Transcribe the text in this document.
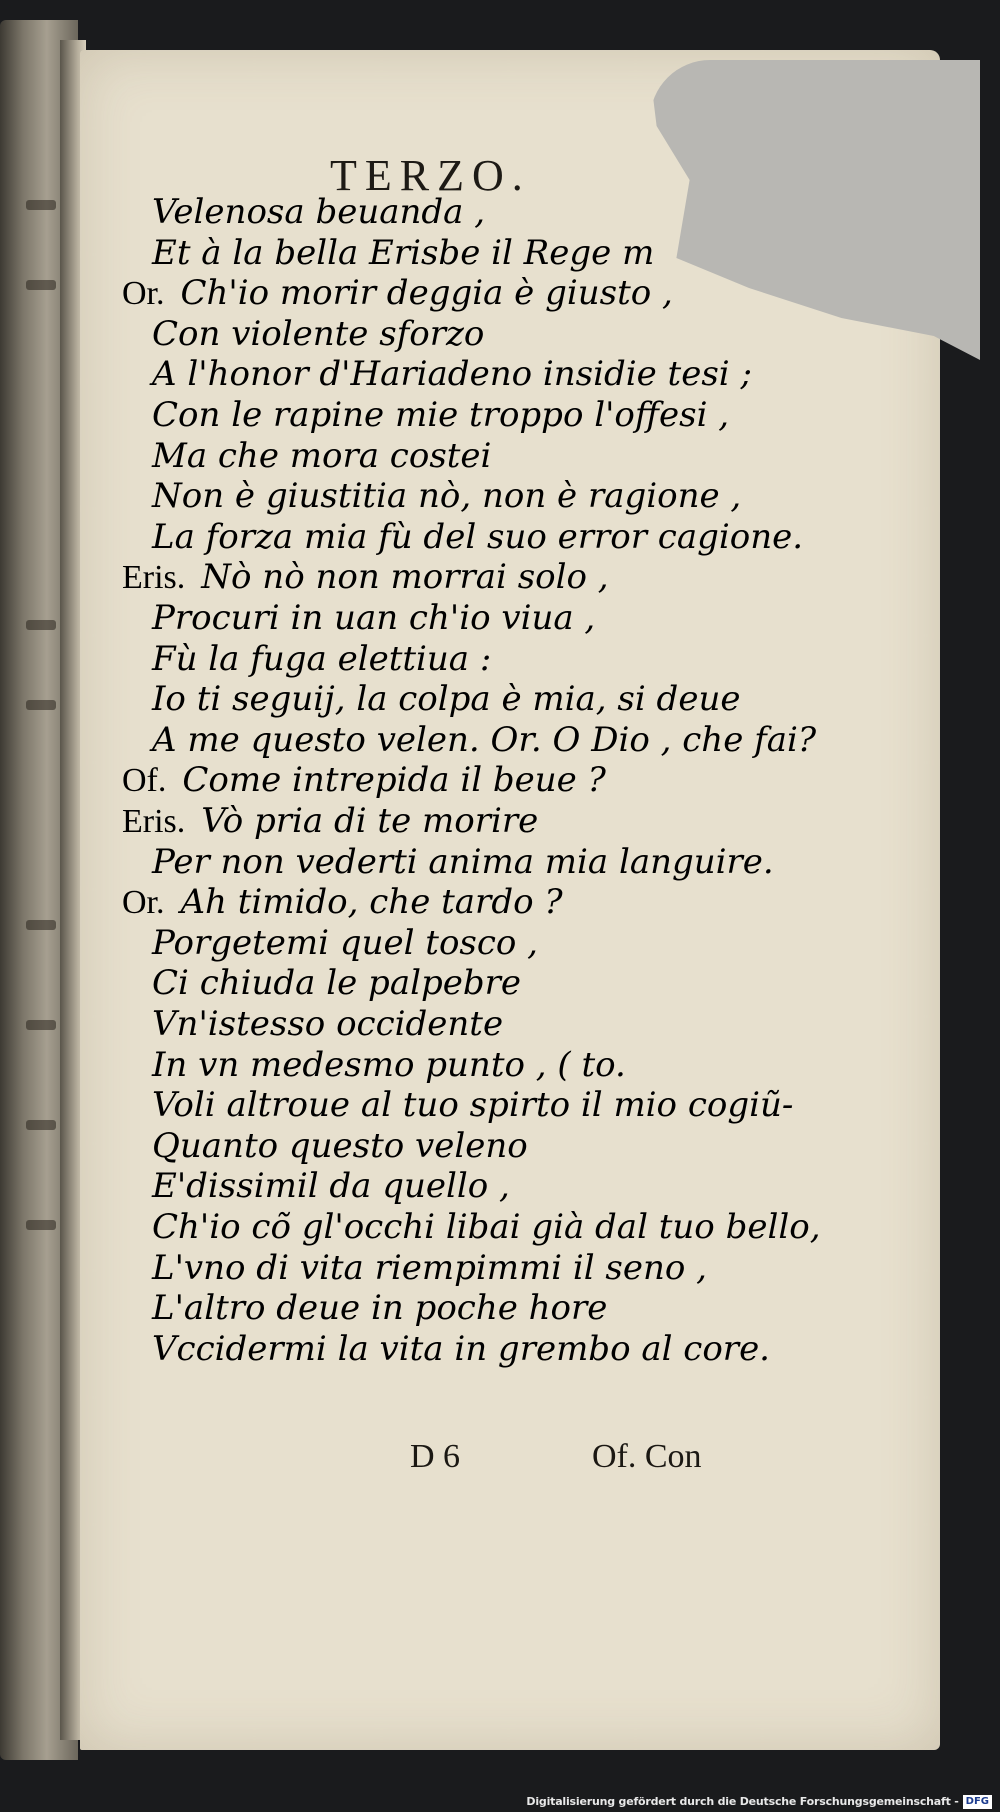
TERZO.
Velenosa beuanda ,
Et à la bella Erisbe il Rege m
Or. Ch'io morir deggia è giusto ,
Con violente sforzo
A l'honor d'Hariadeno insidie tesi ;
Con le rapine mie troppo l'offesi ,
Ma che mora costei
Non è giustitia nò, non è ragione ,
La forza mia fù del suo error cagione.
Eris. Nò nò non morrai solo ,
Procuri in uan ch'io viua ,
Fù la fuga elettiua :
Io ti seguij, la colpa è mia, si deue
A me questo velen. Or. O Dio , che fai?
Of. Come intrepida il beue ?
Eris. Vò pria di te morire
Per non vederti anima mia languire.
Or. Ah timido, che tardo ?
Porgetemi quel tosco ,
Ci chiuda le palpebre
Vn'istesso occidente
In vn medesmo punto , ( to.
Voli altroue al tuo spirto il mio cogiũ-
Quanto questo veleno
E'dissimil da quello ,
Ch'io cõ gl'occhi libai già dal tuo bello,
L'vno di vita riempimmi il seno ,
L'altro deue in poche hore
Vccidermi la vita in grembo al core.
D 6	Of. Con
Digitalisierung gefördert durch die Deutsche Forschungsgemeinschaft - DFG
